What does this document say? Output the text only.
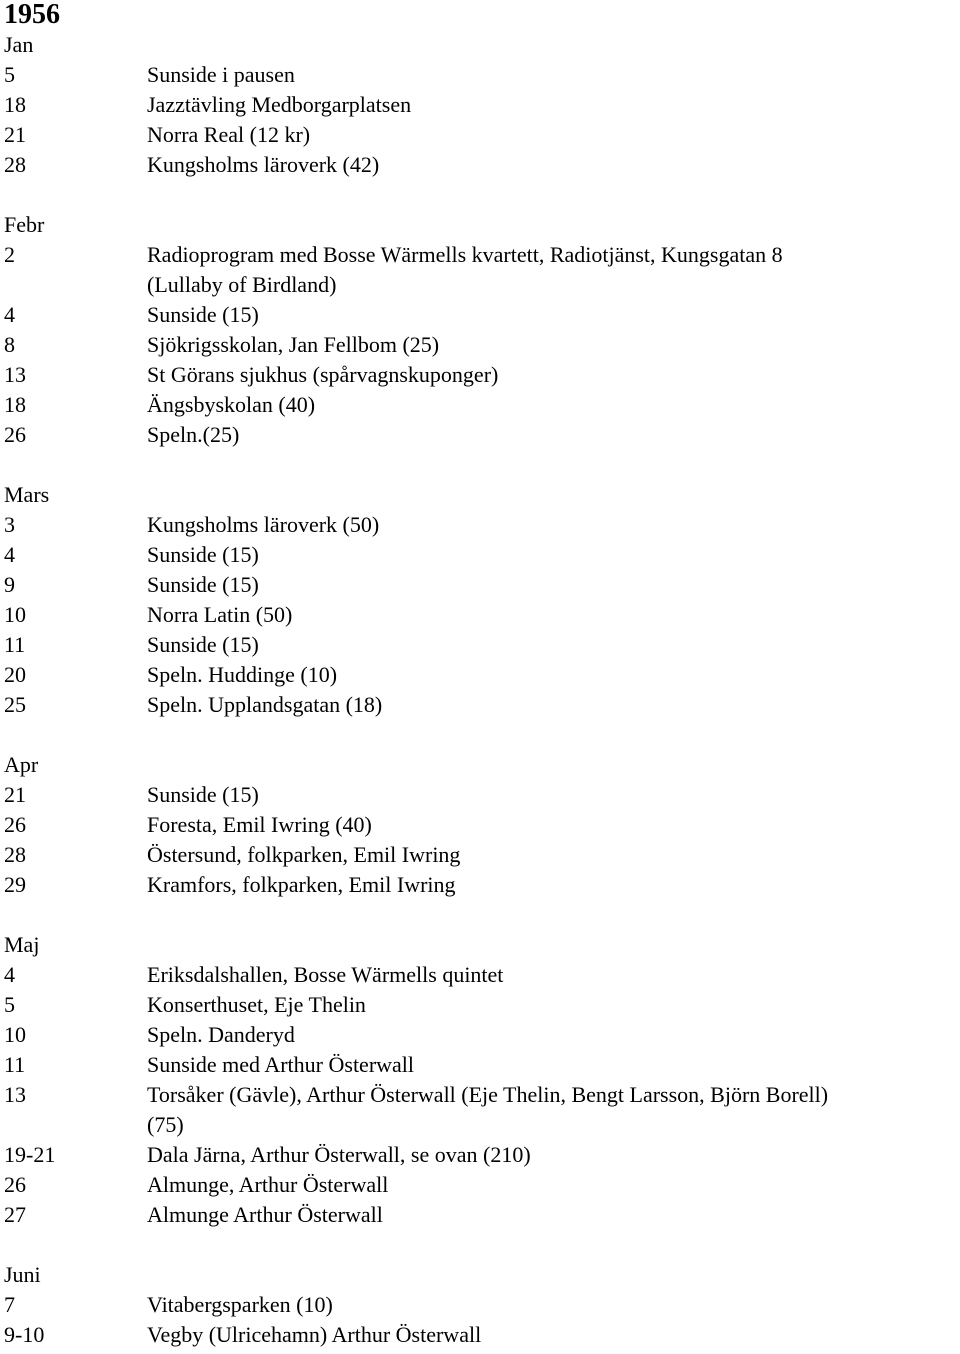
1956
Jan
5	Sunside i pausen
18	Jazztävling Medborgarplatsen
21	Norra Real (12 kr)
28	Kungsholms läroverk (42)
Febr
2	Radioprogram med Bosse Wärmells kvartett, Radiotjänst, Kungsgatan 8
(Lullaby of Birdland)
4	Sunside (15)
8	Sjökrigsskolan, Jan Fellbom (25)
13	St Görans sjukhus (spårvagnskuponger)
18	Ängsbyskolan (40)
26	Speln.(25)
Mars
3	Kungsholms läroverk (50)
4	Sunside (15)
9	Sunside (15)
10	Norra Latin (50)
11	Sunside (15)
20	Speln. Huddinge (10)
25	Speln. Upplandsgatan (18)
Apr
21	Sunside (15)
26	Foresta, Emil Iwring (40)
28	Östersund, folkparken, Emil Iwring
29	Kramfors, folkparken, Emil Iwring
Maj
4	Eriksdalshallen, Bosse Wärmells quintet
5	Konserthuset, Eje Thelin
10	Speln. Danderyd
11	Sunside med Arthur Österwall
13	Torsåker (Gävle), Arthur Österwall (Eje Thelin, Bengt Larsson, Björn Borell)
(75)
19-21	Dala Järna, Arthur Österwall, se ovan (210)
26	Almunge, Arthur Österwall
27	Almunge Arthur Österwall
Juni
7	Vitabergsparken (10)
9-10	Vegby (Ulricehamn) Arthur Österwall
